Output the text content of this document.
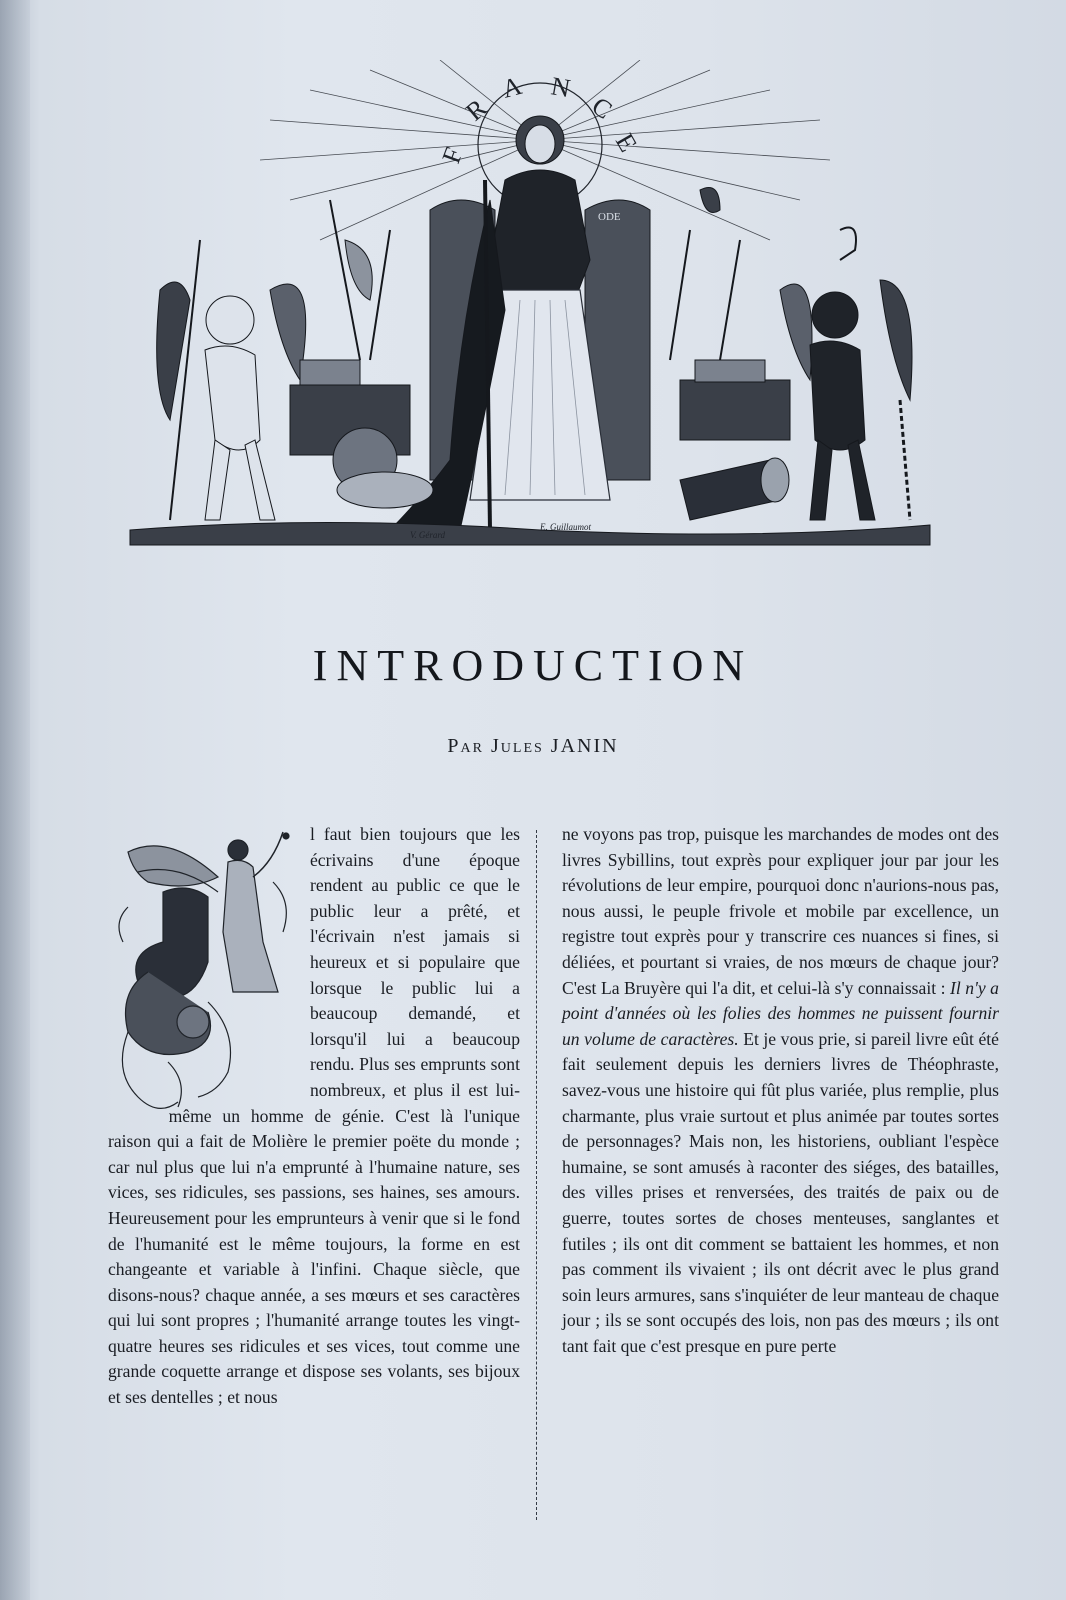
F
R
A N
C
E
ODE
V. Gérard
E. Guillaumot
INTRODUCTION
Par Jules JANIN

l faut bien toujours que les écrivains d'une époque rendent au public ce que le public leur a prêté, et l'écrivain n'est jamais si heureux et si populaire que lorsque le public lui a beaucoup demandé, et lorsqu'il lui a beaucoup rendu. Plus ses emprunts sont nombreux, et plus il est lui-même un homme de génie. C'est là l'unique raison qui a fait de Molière le premier poëte du monde ; car nul plus que lui n'a emprunté à l'humaine nature, ses vices, ses ridicules, ses passions, ses haines, ses amours. Heureusement pour les emprunteurs à venir que si le fond de l'humanité est le même toujours, la forme en est changeante et variable à l'infini. Chaque siècle, que disons-nous? chaque année, a ses mœurs et ses caractères qui lui sont propres ; l'humanité arrange toutes les vingt-quatre heures ses ridicules et ses vices, tout comme une grande coquette arrange et dispose ses volants, ses bijoux et ses dentelles ; et nous

ne voyons pas trop, puisque les marchandes de modes ont des livres Sybillins, tout exprès pour expliquer jour par jour les révolutions de leur empire, pourquoi donc n'aurions-nous pas, nous aussi, le peuple frivole et mobile par excellence, un registre tout exprès pour y transcrire ces nuances si fines, si déliées, et pourtant si vraies, de nos mœurs de chaque jour? C'est La Bruyère qui l'a dit, et celui-là s'y connaissait : Il n'y a point d'années où les folies des hommes ne puissent fournir un volume de caractères. Et je vous prie, si pareil livre eût été fait seulement depuis les derniers livres de Théophraste, savez-vous une histoire qui fût plus variée, plus remplie, plus charmante, plus vraie surtout et plus animée par toutes sortes de personnages? Mais non, les historiens, oubliant l'espèce humaine, se sont amusés à raconter des siéges, des batailles, des villes prises et renversées, des traités de paix ou de guerre, toutes sortes de choses menteuses, sanglantes et futiles ; ils ont dit comment se battaient les hommes, et non pas comment ils vivaient ; ils ont décrit avec le plus grand soin leurs armures, sans s'inquiéter de leur manteau de chaque jour ; ils se sont occupés des lois, non pas des mœurs ; ils ont tant fait que c'est presque en pure perte
